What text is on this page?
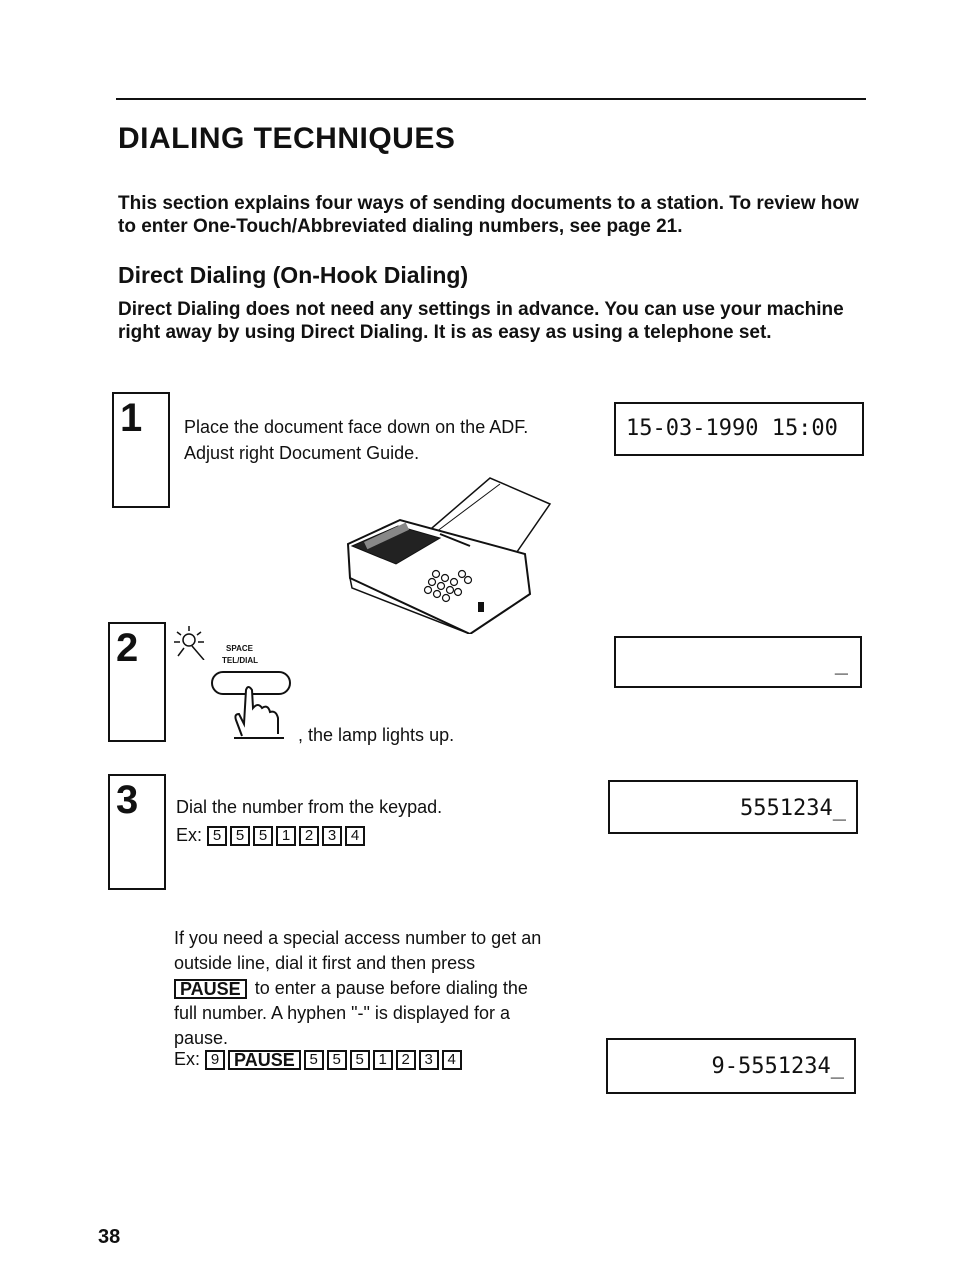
DIALING TECHNIQUES
This section explains four ways of sending documents to a station. To review how to enter One-Touch/Abbreviated dialing numbers, see page 21.
Direct Dialing (On-Hook Dialing)
Direct Dialing does not need any settings in advance. You can use your machine right away by using Direct Dialing. It is as easy as using a telephone set.
1 Place the document face down on the ADF. Adjust right Document Guide.
15-03-1990 15:00
2	SPACE
TEL/DIAL
, the lamp lights up.
_
3 Dial the number from the keypad.
Ex: 5 5 5 1 2 3 4
5551234_
If you need a special access number to get an outside line, dial it first and then press PAUSE to enter a pause before dialing the full number. A hyphen "-" is displayed for a pause.
Ex: 9 PAUSE 5 5 5 1 2 3 4	9-5551234_
38
